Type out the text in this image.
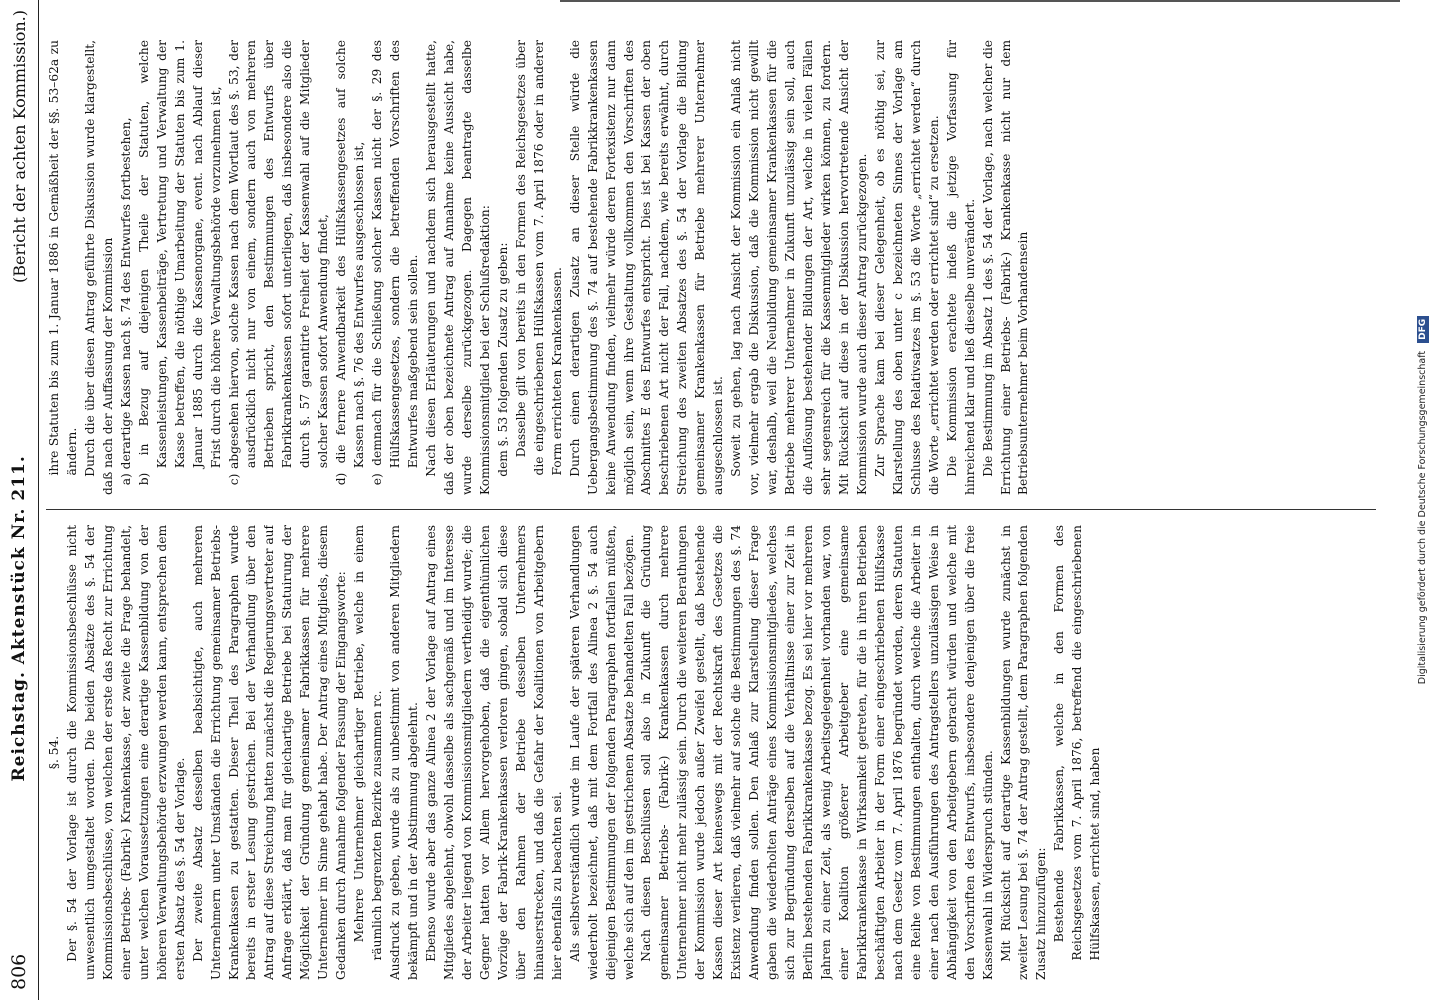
806
Reichstag. Aktenstück Nr. 211.
(Bericht der achten Kommission.)

§. 54. Der §. 54 der Vorlage ist durch die Kommissionsbeschlüsse nicht unwesentlich umgestaltet worden. Die beiden Absätze des §. 54 der Kommissionsbeschlüsse, von welchen der erste das Recht zur Errichtung einer Betriebs- (Fabrik-) Krankenkasse, der zweite die Frage behandelt, unter welchen Voraussetzungen eine derartige Kassenbildung von der höheren Verwaltungsbehörde erzwungen werden kann, entsprechen dem ersten Absatz des §. 54 der Vorlage. Der zweite Absatz desselben beabsichtigte, auch mehreren Unternehmern unter Umständen die Errichtung gemeinsamer Betriebs-Krankenkassen zu gestatten. Dieser Theil des Paragraphen wurde bereits in erster Lesung gestrichen. Bei der Verhandlung über den Antrag auf diese Streichung hatten zunächst die Regierungsvertreter auf Anfrage erklärt, daß man für gleichartige Betriebe bei Statuirung der Möglichkeit der Gründung gemeinsamer Fabrikkassen für mehrere Unternehmer im Sinne gehabt habe. Der Antrag eines Mitglieds, diesem Gedanken durch Annahme folgender Fassung der Eingangsworte: Mehrere Unternehmer gleichartiger Betriebe, welche in einem räumlich begrenzten Bezirke zusammen rc. Ausdruck zu geben, wurde als zu unbestimmt von anderen Mitgliedern bekämpft und in der Abstimmung abgelehnt. Ebenso wurde aber das ganze Alinea 2 der Vorlage auf Antrag eines Mitgliedes abgelehnt, obwohl dasselbe als sachgemäß und im Interesse der Arbeiter liegend von Kommissionsmitgliedern vertheidigt wurde; die Gegner hatten vor Allem hervorgehoben, daß die eigenthümlichen Vorzüge der Fabrik-Krankenkassen verloren gingen, sobald sich diese über den Rahmen der Betriebe desselben Unternehmers hinauserstrecken, und daß die Gefahr der Koalitionen von Arbeitgebern hier ebenfalls zu beachten sei. Als selbstverständlich wurde im Laufe der späteren Verhandlungen wiederholt bezeichnet, daß mit dem Fortfall des Alinea 2 §. 54 auch diejenigen Bestimmungen der folgenden Paragraphen fortfallen müßten, welche sich auf den im gestrichenen Absatze behandelten Fall bezögen. Nach diesen Beschlüssen soll also in Zukunft die Gründung gemeinsamer Betriebs- (Fabrik-) Krankenkassen durch mehrere Unternehmer nicht mehr zulässig sein. Durch die weiteren Berathungen der Kommission wurde jedoch außer Zweifel gestellt, daß bestehende Kassen dieser Art keineswegs mit der Rechtskraft des Gesetzes die Existenz verlieren, daß vielmehr auf solche die Bestimmungen des §. 74 Anwendung finden sollen. Den Anlaß zur Klarstellung dieser Frage gaben die wiederholten Anträge eines Kommissionsmitgliedes, welches sich zur Begründung derselben auf die Verhältnisse einer zur Zeit in Berlin bestehenden Fabrikkrankenkasse bezog. Es sei hier vor mehreren Jahren zu einer Zeit, als wenig Arbeitsgelegenheit vorhanden war, von einer Koalition größerer Arbeitgeber eine gemeinsame Fabrikkrankenkasse in Wirksamkeit getreten, für die in ihren Betrieben beschäftigten Arbeiter in der Form einer eingeschriebenen Hülfskasse nach dem Gesetz vom 7. April 1876 begründet worden, deren Statuten eine Reihe von Bestimmungen enthalten, durch welche die Arbeiter in einer nach den Ausführungen des Antragstellers unzulässigen Weise in Abhängigkeit von den Arbeitgebern gebracht würden und welche mit den Vorschriften des Entwurfs, insbesondere denjenigen über die freie Kassenwahl in Widerspruch stünden. Mit Rücksicht auf derartige Kassenbildungen wurde zunächst in zweiter Lesung bei §. 74 der Antrag gestellt, dem Paragraphen folgenden Zusatz hinzuzufügen: Bestehende Fabrikkassen, welche in den Formen des Reichsgesetzes vom 7. April 1876, betreffend die eingeschriebenen Hülfskassen, errichtet sind, haben

ihre Statuten bis zum 1. Januar 1886 in Gemäßheit der §§. 53–62a zu ändern. Durch die über diesen Antrag geführte Diskussion wurde klargestellt, daß nach der Auffassung der Kommission a) derartige Kassen nach §. 74 des Entwurfes fortbestehen, b) in Bezug auf diejenigen Theile der Statuten, welche Kassenleistungen, Kassenbeiträge, Vertretung und Verwaltung der Kasse betreffen, die nöthige Umarbeitung der Statuten bis zum 1. Januar 1885 durch die Kassenorgane, event. nach Ablauf dieser Frist durch die höhere Verwaltungsbehörde vorzunehmen ist, c) abgesehen hiervon, solche Kassen nach dem Wortlaut des §. 53, der ausdrücklich nicht nur von einem, sondern auch von mehreren Betrieben spricht, den Bestimmungen des Entwurfs über Fabrikkrankenkassen sofort unterliegen, daß insbesondere also die durch §. 57 garantirte Freiheit der Kassenwahl auf die Mitglieder solcher Kassen sofort Anwendung findet, d) die fernere Anwendbarkeit des Hülfskassengesetzes auf solche Kassen nach §. 76 des Entwurfes ausgeschlossen ist, e) demnach für die Schließung solcher Kassen nicht der §. 29 des Hülfskassengesetzes, sondern die betreffenden Vorschriften des Entwurfes maßgebend sein sollen. Nach diesen Erläuterungen und nachdem sich herausgestellt hatte, daß der oben bezeichnete Antrag auf Annahme keine Aussicht habe, wurde derselbe zurückgezogen. Dagegen beantragte dasselbe Kommissionsmitglied bei der Schlußredaktion: dem §. 53 folgenden Zusatz zu geben: Dasselbe gilt von bereits in den Formen des Reichsgesetzes über die eingeschriebenen Hülfskassen vom 7. April 1876 oder in anderer Form errichteten Krankenkassen. Durch einen derartigen Zusatz an dieser Stelle würde die Uebergangsbestimmung des §. 74 auf bestehende Fabrikkrankenkassen keine Anwendung finden, vielmehr würde deren Fortexistenz nur dann möglich sein, wenn ihre Gestaltung vollkommen den Vorschriften des Abschnittes E des Entwurfes entspricht. Dies ist bei Kassen der oben beschriebenen Art nicht der Fall, nachdem, wie bereits erwähnt, durch Streichung des zweiten Absatzes des §. 54 der Vorlage die Bildung gemeinsamer Krankenkassen für Betriebe mehrerer Unternehmer ausgeschlossen ist. Soweit zu gehen, lag nach Ansicht der Kommission ein Anlaß nicht vor, vielmehr ergab die Diskussion, daß die Kommission nicht gewillt war, deshalb, weil die Neubildung gemeinsamer Krankenkassen für die Betriebe mehrerer Unternehmer in Zukunft unzulässig sein soll, auch die Auflösung bestehender Bildungen der Art, welche in vielen Fällen sehr segensreich für die Kassenmitglieder wirken können, zu fordern. Mit Rücksicht auf diese in der Diskussion hervortretende Ansicht der Kommission wurde auch dieser Antrag zurückgezogen. Zur Sprache kam bei dieser Gelegenheit, ob es nöthig sei, zur Klarstellung des oben unter c bezeichneten Sinnes der Vorlage am Schlusse des Relativsatzes im §. 53 die Worte „errichtet werden“ durch die Worte „errichtet werden oder errichtet sind“ zu ersetzen. Die Kommission erachtete indeß die jetzige Vorfassung für hinreichend klar und ließ dieselbe unverändert. Die Bestimmung im Absatz 1 des §. 54 der Vorlage, nach welcher die Errichtung einer Betriebs- (Fabrik-) Krankenkasse nicht nur dem Betriebsunternehmer beim Vorhandensein	Digitalisierung gefördert durch die Deutsche Forschungsgemeinschaft DFG
